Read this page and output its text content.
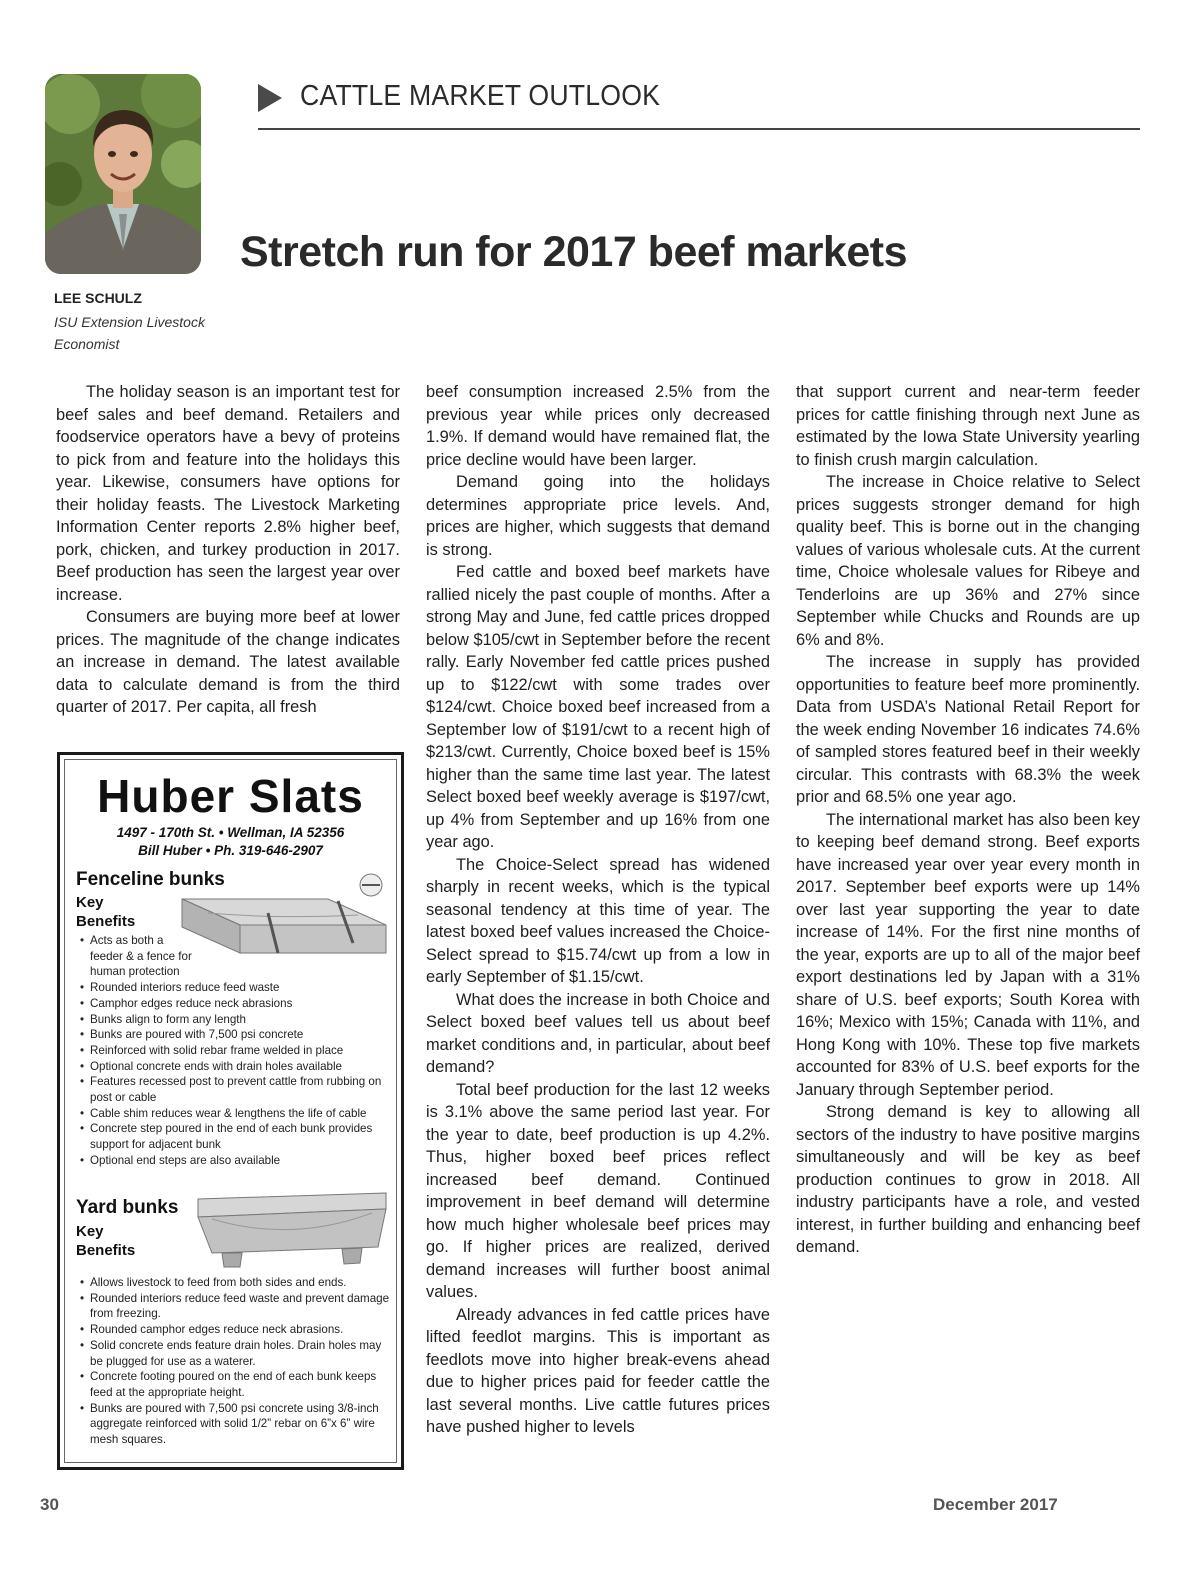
CATTLE MARKET OUTLOOK
Stretch run for 2017 beef markets
LEE SCHULZ
ISU Extension Livestock Economist

The holiday season is an important test for beef sales and beef demand. Retailers and foodservice operators have a bevy of proteins to pick from and feature into the holidays this year. Likewise, consumers have options for their holiday feasts. The Livestock Marketing Information Center reports 2.8% higher beef, pork, chicken, and turkey production in 2017. Beef production has seen the largest year over increase.

Consumers are buying more beef at lower prices. The magnitude of the change indicates an increase in demand. The latest available data to calculate demand is from the third quarter of 2017. Per capita, all fresh

beef consumption increased 2.5% from the previous year while prices only decreased 1.9%. If demand would have remained flat, the price decline would have been larger.

Demand going into the holidays determines appropriate price levels. And, prices are higher, which suggests that demand is strong.

Fed cattle and boxed beef markets have rallied nicely the past couple of months. After a strong May and June, fed cattle prices dropped below $105/cwt in September before the recent rally. Early November fed cattle prices pushed up to $122/cwt with some trades over $124/cwt. Choice boxed beef increased from a September low of $191/cwt to a recent high of $213/cwt. Currently, Choice boxed beef is 15% higher than the same time last year. The latest Select boxed beef weekly average is $197/cwt, up 4% from September and up 16% from one year ago.

The Choice-Select spread has widened sharply in recent weeks, which is the typical seasonal tendency at this time of year. The latest boxed beef values increased the Choice-Select spread to $15.74/cwt up from a low in early September of $1.15/cwt.

What does the increase in both Choice and Select boxed beef values tell us about beef market conditions and, in particular, about beef demand?

Total beef production for the last 12 weeks is 3.1% above the same period last year. For the year to date, beef production is up 4.2%. Thus, higher boxed beef prices reflect increased beef demand. Continued improvement in beef demand will determine how much higher wholesale beef prices may go. If higher prices are realized, derived demand increases will further boost animal values.

Already advances in fed cattle prices have lifted feedlot margins. This is important as feedlots move into higher break-evens ahead due to higher prices paid for feeder cattle the last several months. Live cattle futures prices have pushed higher to levels

that support current and near-term feeder prices for cattle finishing through next June as estimated by the Iowa State University yearling to finish crush margin calculation.

The increase in Choice relative to Select prices suggests stronger demand for high quality beef. This is borne out in the changing values of various wholesale cuts. At the current time, Choice wholesale values for Ribeye and Tenderloins are up 36% and 27% since September while Chucks and Rounds are up 6% and 8%.

The increase in supply has provided opportunities to feature beef more prominently. Data from USDA’s National Retail Report for the week ending November 16 indicates 74.6% of sampled stores featured beef in their weekly circular. This contrasts with 68.3% the week prior and 68.5% one year ago.

The international market has also been key to keeping beef demand strong. Beef exports have increased year over year every month in 2017. September beef exports were up 14% over last year supporting the year to date increase of 14%. For the first nine months of the year, exports are up to all of the major beef export destinations led by Japan with a 31% share of U.S. beef exports; South Korea with 16%; Mexico with 15%; Canada with 11%, and Hong Kong with 10%. These top five markets accounted for 83% of U.S. beef exports for the January through September period.

Strong demand is key to allowing all sectors of the industry to have positive margins simultaneously and will be key as beef production continues to grow in 2018. All industry participants have a role, and vested interest, in further building and enhancing beef demand.

Huber Slats
1497 - 170th St. • Wellman, IA 52356
Bill Huber • Ph. 319-646-2907
Fenceline bunks
Key
Benefits
• Acts as both a feeder & a fence for human protection
• Rounded interiors reduce feed waste
• Camphor edges reduce neck abrasions
• Bunks align to form any length
• Bunks are poured with 7,500 psi concrete
• Reinforced with solid rebar frame welded in place
• Optional concrete ends with drain holes available
• Features recessed post to prevent cattle from rubbing on post or cable
• Cable shim reduces wear & lengthens the life of cable
• Concrete step poured in the end of each bunk provides support for adjacent bunk
• Optional end steps are also available
Yard bunks
Key
Benefits
• Allows livestock to feed from both sides and ends.
• Rounded interiors reduce feed waste and prevent damage from freezing.
• Rounded camphor edges reduce neck abrasions.
• Solid concrete ends feature drain holes. Drain holes may be plugged for use as a waterer.
• Concrete footing poured on the end of each bunk keeps feed at the appropriate height.
• Bunks are poured with 7,500 psi concrete using 3/8-inch aggregate reinforced with solid 1/2” rebar on 6”x 6” wire mesh squares.
30	December 2017
